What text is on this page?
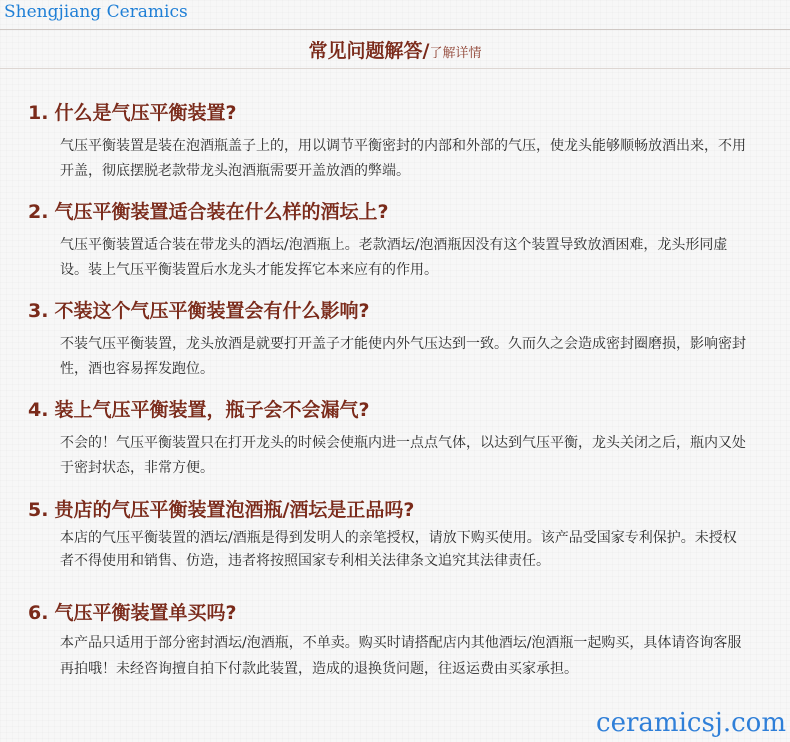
Shengjiang Ceramics
常见问题解答/了解详情
1. 什么是气压平衡装置?
气压平衡装置是装在泡酒瓶盖子上的，用以调节平衡密封的内部和外部的气压，使龙头能够顺畅放酒出来，不用开盖，彻底摆脱老款带龙头泡酒瓶需要开盖放酒的弊端。
2. 气压平衡装置适合装在什么样的酒坛上?
气压平衡装置适合装在带龙头的酒坛/泡酒瓶上。老款酒坛/泡酒瓶因没有这个装置导致放酒困难，龙头形同虚设。装上气压平衡装置后水龙头才能发挥它本来应有的作用。
3. 不装这个气压平衡装置会有什么影响?
不装气压平衡装置，龙头放酒是就要打开盖子才能使内外气压达到一致。久而久之会造成密封圈磨损，影响密封性，酒也容易挥发跑位。
4. 装上气压平衡装置，瓶子会不会漏气?
不会的！气压平衡装置只在打开龙头的时候会使瓶内进一点点气体，以达到气压平衡，龙头关闭之后，瓶内又处于密封状态，非常方便。
5. 贵店的气压平衡装置泡酒瓶/酒坛是正品吗?
本店的气压平衡装置的酒坛/酒瓶是得到发明人的亲笔授权，请放下购买使用。该产品受国家专利保护。未授权者不得使用和销售、仿造，违者将按照国家专利相关法律条文追究其法律责任。
6. 气压平衡装置单买吗?
本产品只适用于部分密封酒坛/泡酒瓶，不单卖。购买时请搭配店内其他酒坛/泡酒瓶一起购买，具体请咨询客服再拍哦！未经咨询擅自拍下付款此装置，造成的退换货问题，往返运费由买家承担。
ceramicsj.com
